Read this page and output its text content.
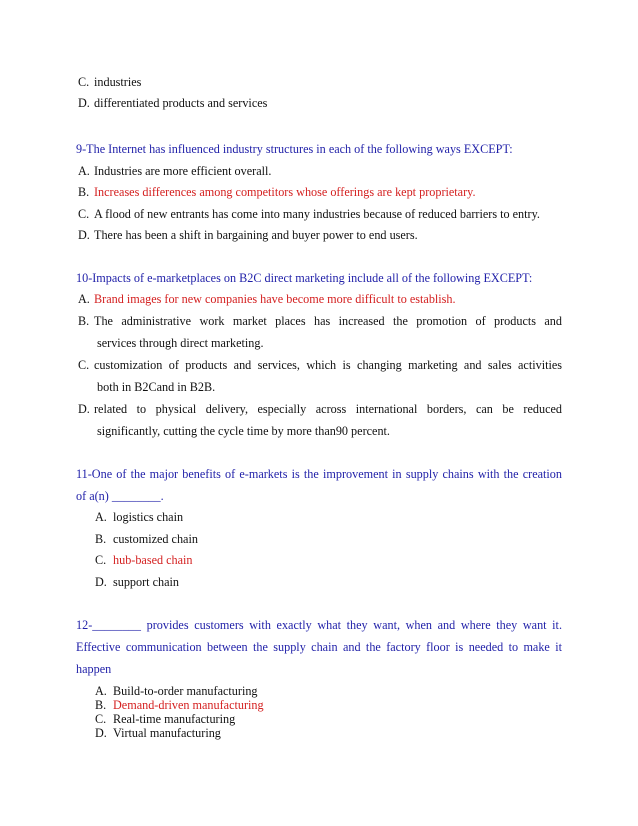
C. industries
D. differentiated products and services
9-The Internet has influenced industry structures in each of the following ways EXCEPT:
A. Industries are more efficient overall.
B. Increases differences among competitors whose offerings are kept proprietary.
C. A flood of new entrants has come into many industries because of reduced barriers to entry.
D. There has been a shift in bargaining and buyer power to end users.
10-Impacts of e-marketplaces on B2C direct marketing include all of the following EXCEPT:
A. Brand images for new companies have become more difficult to establish.
B. The administrative work market places has increased the promotion of products and
services through direct marketing.
C. customization of products and services, which is changing marketing and sales activities
both in B2Cand in B2B.
D. related to physical delivery, especially across international borders, can be reduced
significantly, cutting the cycle time by more than90 percent.
11-One of the major benefits of e-markets is the improvement in supply chains with the creation
of a(n) ________.
A. logistics chain
B. customized chain
C. hub-based chain
D. support chain
12-________ provides customers with exactly what they want, when and where they want it.
Effective communication between the supply chain and the factory floor is needed to make it
happen
A. Build-to-order manufacturing
B. Demand-driven manufacturing
C. Real-time manufacturing
D. Virtual manufacturing
